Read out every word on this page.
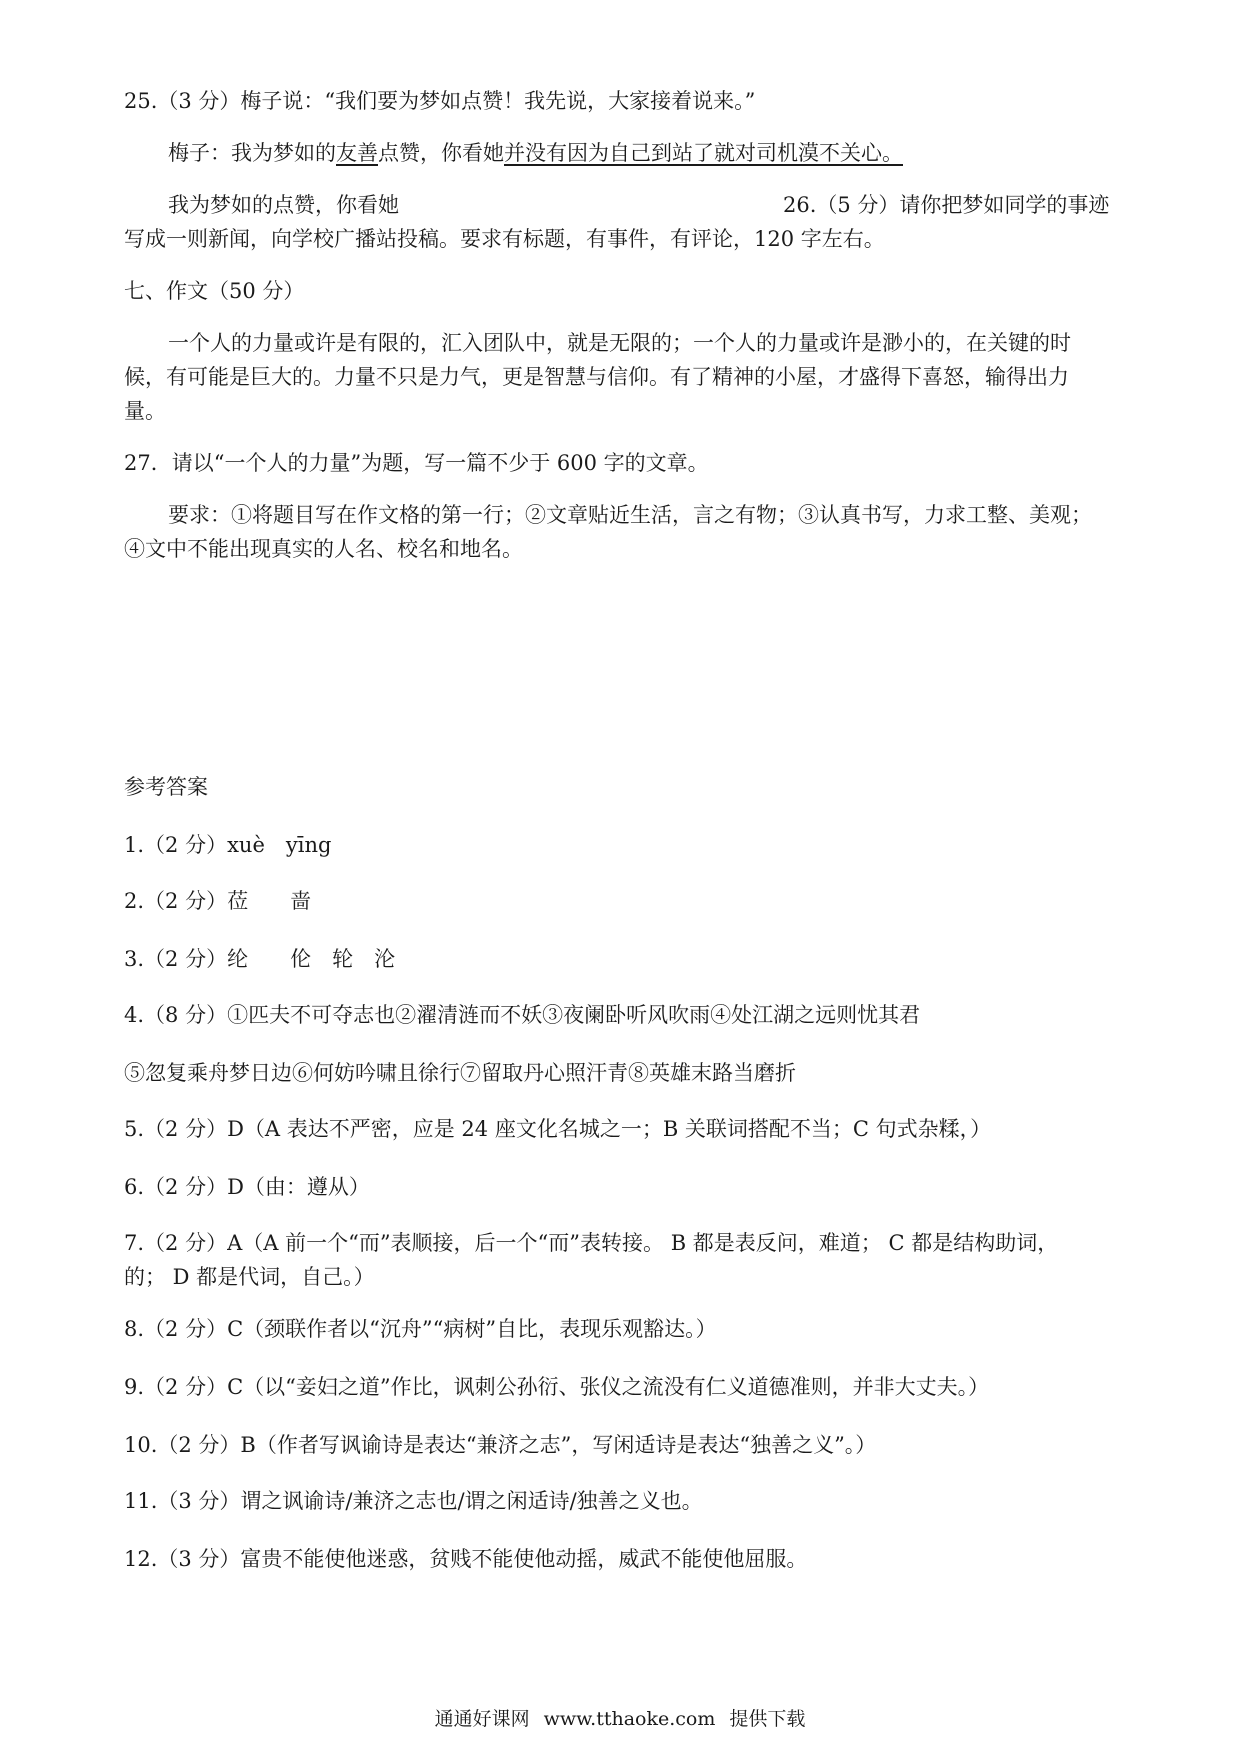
25.（3 分）梅子说：“我们要为梦如点赞！我先说，大家接着说来。”
梅子：我为梦如的友善点赞，你看她并没有因为自己到站了就对司机漠不关心。
我为梦如的点赞，你看她	26.（5 分）请你把梦如同学的事迹
写成一则新闻，向学校广播站投稿。要求有标题，有事件，有评论，120 字左右。
七、作文（50 分）
一个人的力量或许是有限的，汇入团队中，就是无限的；一个人的力量或许是渺小的，在关键的时
候，有可能是巨大的。力量不只是力气，更是智慧与信仰。有了精神的小屋，才盛得下喜怒，输得出力
量。
27．请以“一个人的力量”为题，写一篇不少于 600 字的文章。
要求：①将题目写在作文格的第一行；②文章贴近生活，言之有物；③认真书写，力求工整、美观；
④文中不能出现真实的人名、校名和地名。
参考答案
1.（2 分）xuè　yīng
2.（2 分）莅　　啬
3.（2 分）纶　　伦　轮　沦
4.（8 分）①匹夫不可夺志也②濯清涟而不妖③夜阑卧听风吹雨④处江湖之远则忧其君
⑤忽复乘舟梦日边⑥何妨吟啸且徐行⑦留取丹心照汗青⑧英雄末路当磨折
5.（2 分）D（A 表达不严密，应是 24 座文化名城之一；B 关联词搭配不当；C 句式杂糅，）
6.（2 分）D（由：遵从）
7.（2 分）A（A 前一个“而”表顺接，后一个“而”表转接。 B 都是表反问，难道； C 都是结构助词，
的； D 都是代词，自己。）
8.（2 分）C（颈联作者以“沉舟”“病树”自比，表现乐观豁达。）
9.（2 分）C（以“妾妇之道”作比，讽刺公孙衍、张仪之流没有仁义道德准则，并非大丈夫。）
10.（2 分）B（作者写讽谕诗是表达“兼济之志”，写闲适诗是表达“独善之义”。）
11.（3 分）谓之讽谕诗/兼济之志也/谓之闲适诗/独善之义也。
12.（3 分）富贵不能使他迷惑，贫贱不能使他动摇，威武不能使他屈服。
通通好课网 www.tthaoke.com 提供下载
